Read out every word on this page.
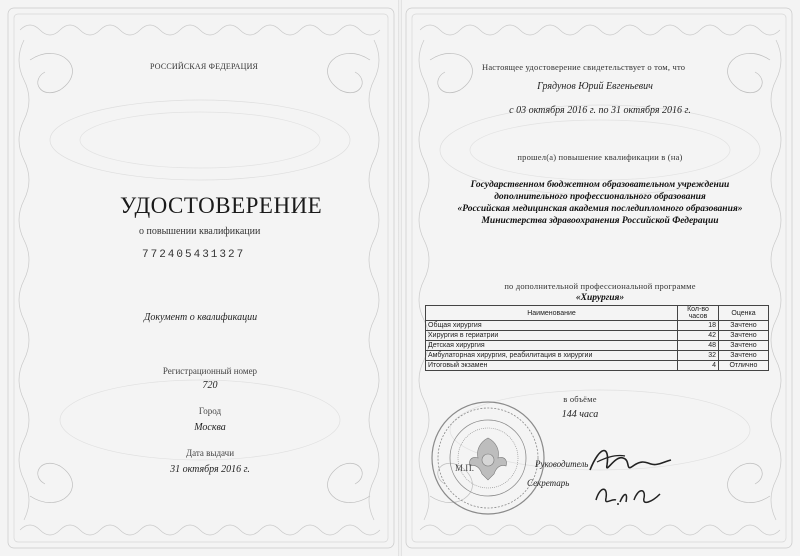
РОССИЙСКАЯ ФЕДЕРАЦИЯ
УДОСТОВЕРЕНИЕ
о повышении квалификации
772405431327
Документ о квалификации
Регистрационный номер
720
Город
Москва
Дата выдачи
31 октября 2016 г.
Настоящее удостоверение свидетельствует о том, что
Грядунов Юрий Евгеньевич
с 03 октября 2016 г. по 31 октября 2016 г.
прошел(а) повышение квалификации в (на)
Государственном бюджетном образовательном учреждении
дополнительного профессионального образования
«Российская медицинская академия последипломного образования»
Министерства здравоохранения Российской Федерации
по дополнительной профессиональной программе
«Хирургия»
Наименование	Кол-во часов	Оценка
Общая хирургия	18	Зачтено
Хирургия в гериатрии	42	Зачтено
Детская хирургия	48	Зачтено
Амбулаторная хирургия, реабилитация в хирургии	32	Зачтено
Итоговый экзамен	4	Отлично
в объёме
144 часа
М.П.	Руководитель
Секретарь
